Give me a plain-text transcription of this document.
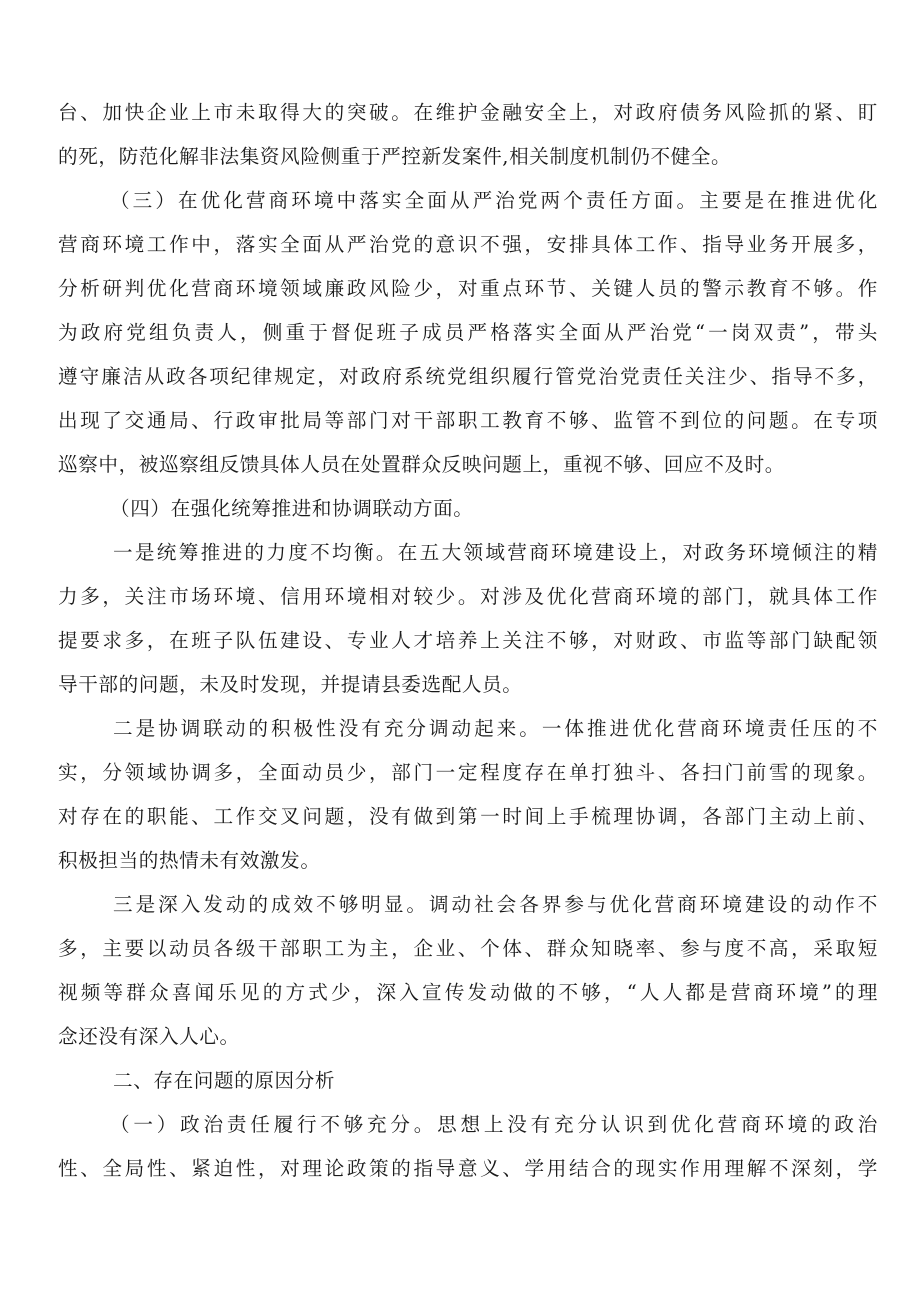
台、加快企业上市未取得大的突破。在维护金融安全上，对政府债务风险抓的紧、盯
的死，防范化解非法集资风险侧重于严控新发案件,相关制度机制仍不健全。
（三）在优化营商环境中落实全面从严治党两个责任方面。主要是在推进优化
营商环境工作中，落实全面从严治党的意识不强，安排具体工作、指导业务开展多，
分析研判优化营商环境领域廉政风险少，对重点环节、关键人员的警示教育不够。作
为政府党组负责人，侧重于督促班子成员严格落实全面从严治党“一岗双责”，带头
遵守廉洁从政各项纪律规定，对政府系统党组织履行管党治党责任关注少、指导不多，
出现了交通局、行政审批局等部门对干部职工教育不够、监管不到位的问题。在专项
巡察中，被巡察组反馈具体人员在处置群众反映问题上，重视不够、回应不及时。
（四）在强化统筹推进和协调联动方面。
一是统筹推进的力度不均衡。在五大领域营商环境建设上，对政务环境倾注的精
力多，关注市场环境、信用环境相对较少。对涉及优化营商环境的部门，就具体工作
提要求多，在班子队伍建设、专业人才培养上关注不够，对财政、市监等部门缺配领
导干部的问题，未及时发现，并提请县委选配人员。
二是协调联动的积极性没有充分调动起来。一体推进优化营商环境责任压的不
实，分领域协调多，全面动员少，部门一定程度存在单打独斗、各扫门前雪的现象。
对存在的职能、工作交叉问题，没有做到第一时间上手梳理协调，各部门主动上前、
积极担当的热情未有效激发。
三是深入发动的成效不够明显。调动社会各界参与优化营商环境建设的动作不
多，主要以动员各级干部职工为主，企业、个体、群众知晓率、参与度不高，采取短
视频等群众喜闻乐见的方式少，深入宣传发动做的不够，“人人都是营商环境”的理
念还没有深入人心。
二、存在问题的原因分析
（一）政治责任履行不够充分。思想上没有充分认识到优化营商环境的政治
性、全局性、紧迫性，对理论政策的指导意义、学用结合的现实作用理解不深刻，学
